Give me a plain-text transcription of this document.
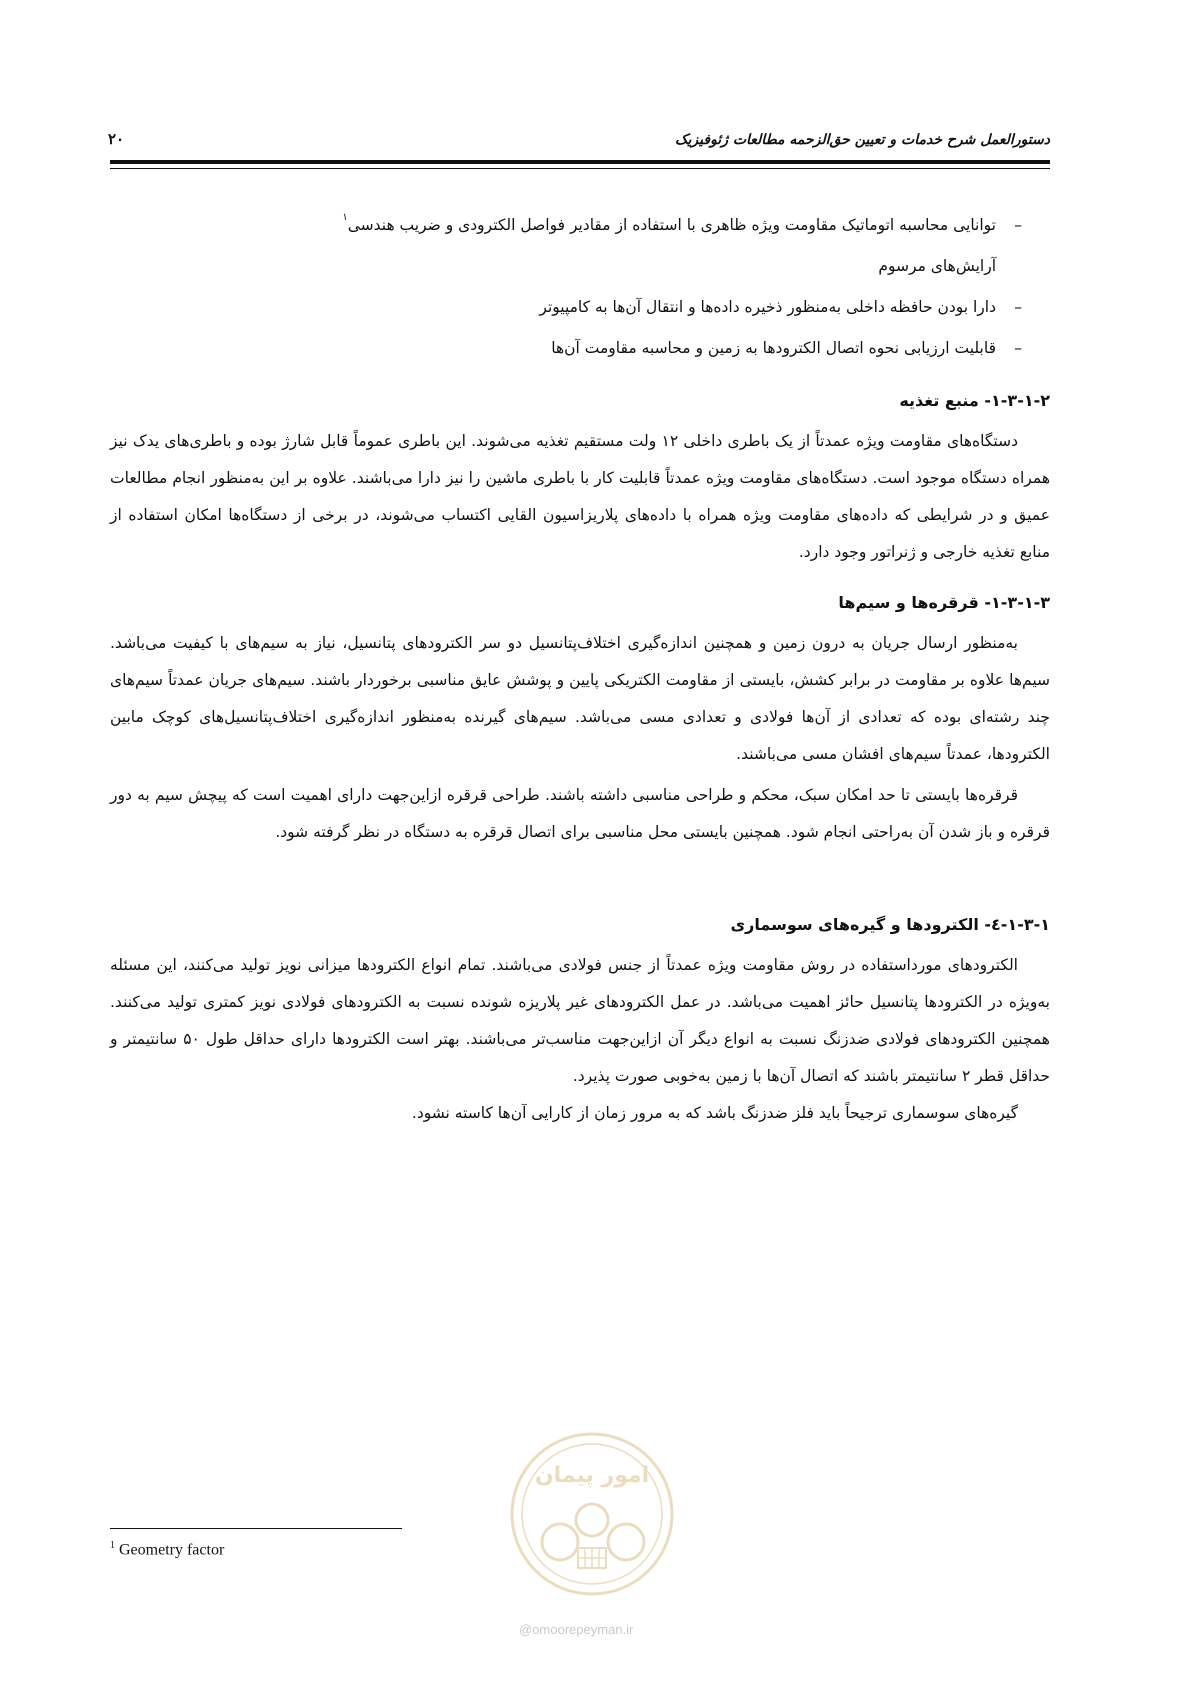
دستورالعمل شرح خدمات و تعیین حق‌الزحمه مطالعات ژئوفیزیک
۲۰
–
توانایی محاسبه اتوماتیک مقاومت ویژه ظاهری با استفاده از مقادیر فواصل الکترودی و ضریب هندسی$^۱$
آرایش‌های مرسوم
–
دارا بودن حافظه داخلی به‌منظور ذخیره داده‌ها و انتقال آن‌ها به کامپیوتر
–
قابلیت ارزیابی نحوه اتصال الکترودها به زمین و محاسبه مقاومت آن‌ها
۱-۳-۱-۲- منبع تغذیه

دستگاه‌های مقاومت ویژه عمدتاً از یک باطری داخلی ۱۲ ولت مستقیم تغذیه می‌شوند. این باطری عموماً قابل شارژ بوده و باطری‌های یدک نیز همراه دستگاه موجود است. دستگاه‌های مقاومت ویژه عمدتاً قابلیت کار با باطری ماشین را نیز دارا می‌باشند. علاوه بر این به‌منظور انجام مطالعات عمیق و در شرایطی که داده‌های مقاومت ویژه همراه با داده‌های پلاریزاسیون القایی اکتساب می‌شوند، در برخی از دستگاه‌ها امکان استفاده از منابع تغذیه خارجی و ژنراتور وجود دارد.

۱-۳-۱-۳- قرقره‌ها و سیم‌ها

به‌منظور ارسال جریان به درون زمین و همچنین اندازه‌گیری اختلاف‌پتانسیل دو سر الکترودهای پتانسیل، نیاز به سیم‌های با کیفیت می‌باشد. سیم‌ها علاوه بر مقاومت در برابر کشش، بایستی از مقاومت الکتریکی پایین و پوشش عایق مناسبی برخوردار باشند. سیم‌های جریان عمدتاً سیم‌های چند رشته‌ای بوده که تعدادی از آن‌ها فولادی و تعدادی مسی می‌باشد. سیم‌های گیرنده به‌منظور اندازه‌گیری اختلاف‌پتانسیل‌های کوچک مابین الکترودها، عمدتاً سیم‌های افشان مسی می‌باشند.

قرقره‌ها بایستی تا حد امکان سبک، محکم و طراحی مناسبی داشته باشند. طراحی قرقره ازاین‌جهت دارای اهمیت است که پیچش سیم به دور قرقره و باز شدن آن به‌راحتی انجام شود. همچنین بایستی محل مناسبی برای اتصال قرقره به دستگاه در نظر گرفته شود.

۱-۳-۱-٤- الکترودها و گیره‌های سوسماری

الکترودهای مورداستفاده در روش مقاومت ویژه عمدتاً از جنس فولادی می‌باشند. تمام انواع الکترودها میزانی نویز تولید می‌کنند، این مسئله به‌ویژه در الکترودها پتانسیل حائز اهمیت می‌باشد. در عمل الکترودهای غیر پلاریزه شونده نسبت به الکترودهای فولادی نویز کمتری تولید می‌کنند. همچنین الکترودهای فولادی ضدزنگ نسبت به انواع دیگر آن ازاین‌جهت مناسب‌تر می‌باشند. بهتر است الکترودها دارای حداقل طول ۵۰ سانتیمتر و حداقل قطر ۲ سانتیمتر باشند که اتصال آن‌ها با زمین به‌خوبی صورت پذیرد.

گیره‌های سوسماری ترجیحاً باید فلز ضدزنگ باشد که به مرور زمان از کارایی آن‌ها کاسته نشود.

$^1$ Geometry factor
امور پیمان
@omoorepeyman.ir
